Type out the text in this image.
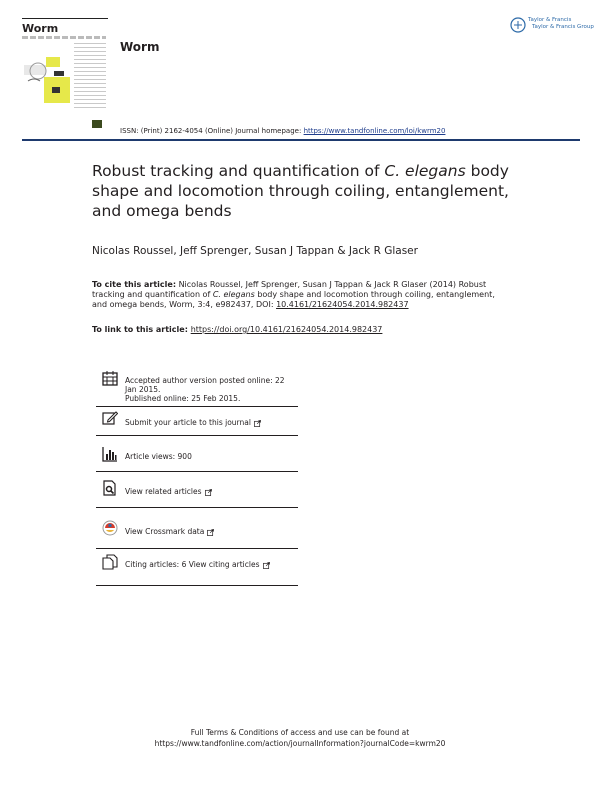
Worm
Worm
Taylor & Francis
Taylor & Francis Group
ISSN: (Print) 2162-4054 (Online) Journal homepage: https://www.tandfonline.com/loi/kwrm20
Robust tracking and quantification of C. elegans body shape and locomotion through coiling, entanglement, and omega bends
Nicolas Roussel, Jeff Sprenger, Susan J Tappan & Jack R Glaser
To cite this article: Nicolas Roussel, Jeff Sprenger, Susan J Tappan & Jack R Glaser (2014) Robust tracking and quantification of C. elegans body shape and locomotion through coiling, entanglement, and omega bends, Worm, 3:4, e982437, DOI: 10.4161/21624054.2014.982437
To link to this article: https://doi.org/10.4161/21624054.2014.982437
Accepted author version posted online: 22
Jan 2015.
Published online: 25 Feb 2015.
Submit your article to this journal
Article views: 900
View related articles
View Crossmark data
Citing articles: 6 View citing articles
Full Terms & Conditions of access and use can be found at
https://www.tandfonline.com/action/journalInformation?journalCode=kwrm20
